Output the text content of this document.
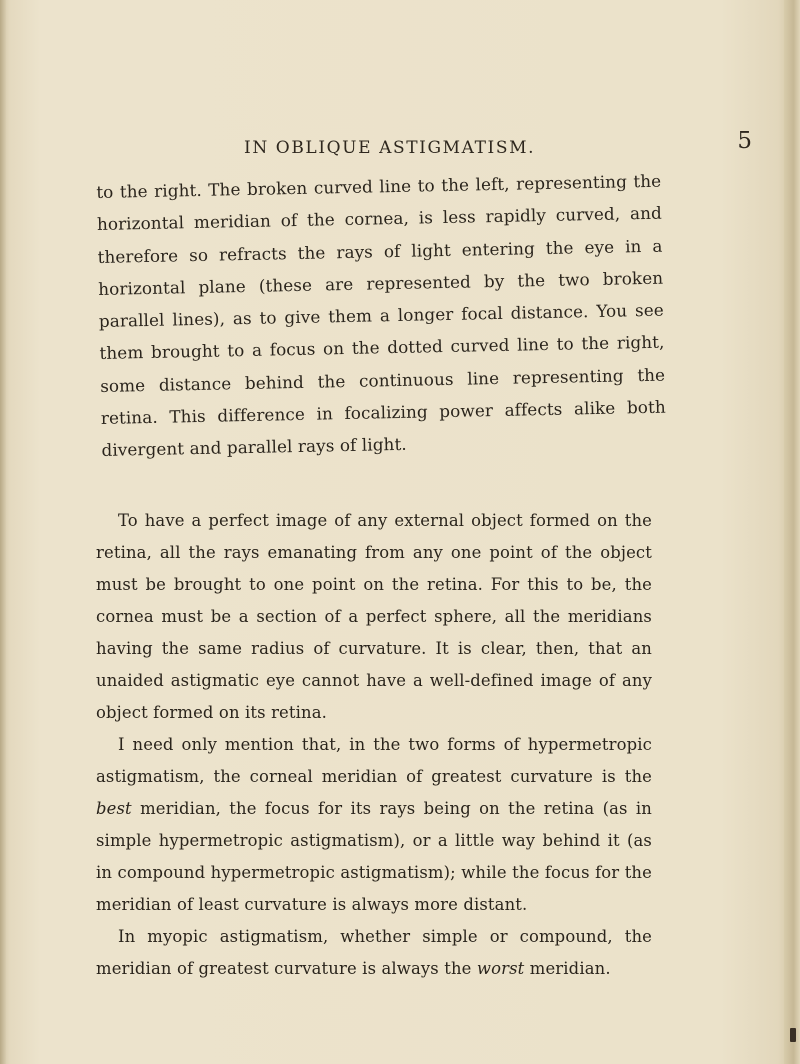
IN OBLIQUE ASTIGMATISM.	5

to the right. The broken curved line to the left, representing the horizontal meridian of the cornea, is less rapidly curved, and therefore so refracts the rays of light entering the eye in a horizontal plane (these are represented by the two broken parallel lines), as to give them a longer focal distance. You see them brought to a focus on the dotted curved line to the right, some distance behind the continuous line representing the retina. This difference in focalizing power affects alike both divergent and parallel rays of light.

To have a perfect image of any external object formed on the retina, all the rays emanating from any one point of the object must be brought to one point on the retina. For this to be, the cornea must be a section of a perfect sphere, all the meridians having the same radius of curvature. It is clear, then, that an unaided astigmatic eye cannot have a well-defined image of any object formed on its retina.

I need only mention that, in the two forms of hypermetropic astigmatism, the corneal meridian of greatest curvature is the best meridian, the focus for its rays being on the retina (as in simple hypermetropic astigmatism), or a little way behind it (as in compound hypermetropic astigmatism); while the focus for the meridian of least curvature is always more distant.

In myopic astigmatism, whether simple or compound, the meridian of greatest curvature is always the worst meridian.
